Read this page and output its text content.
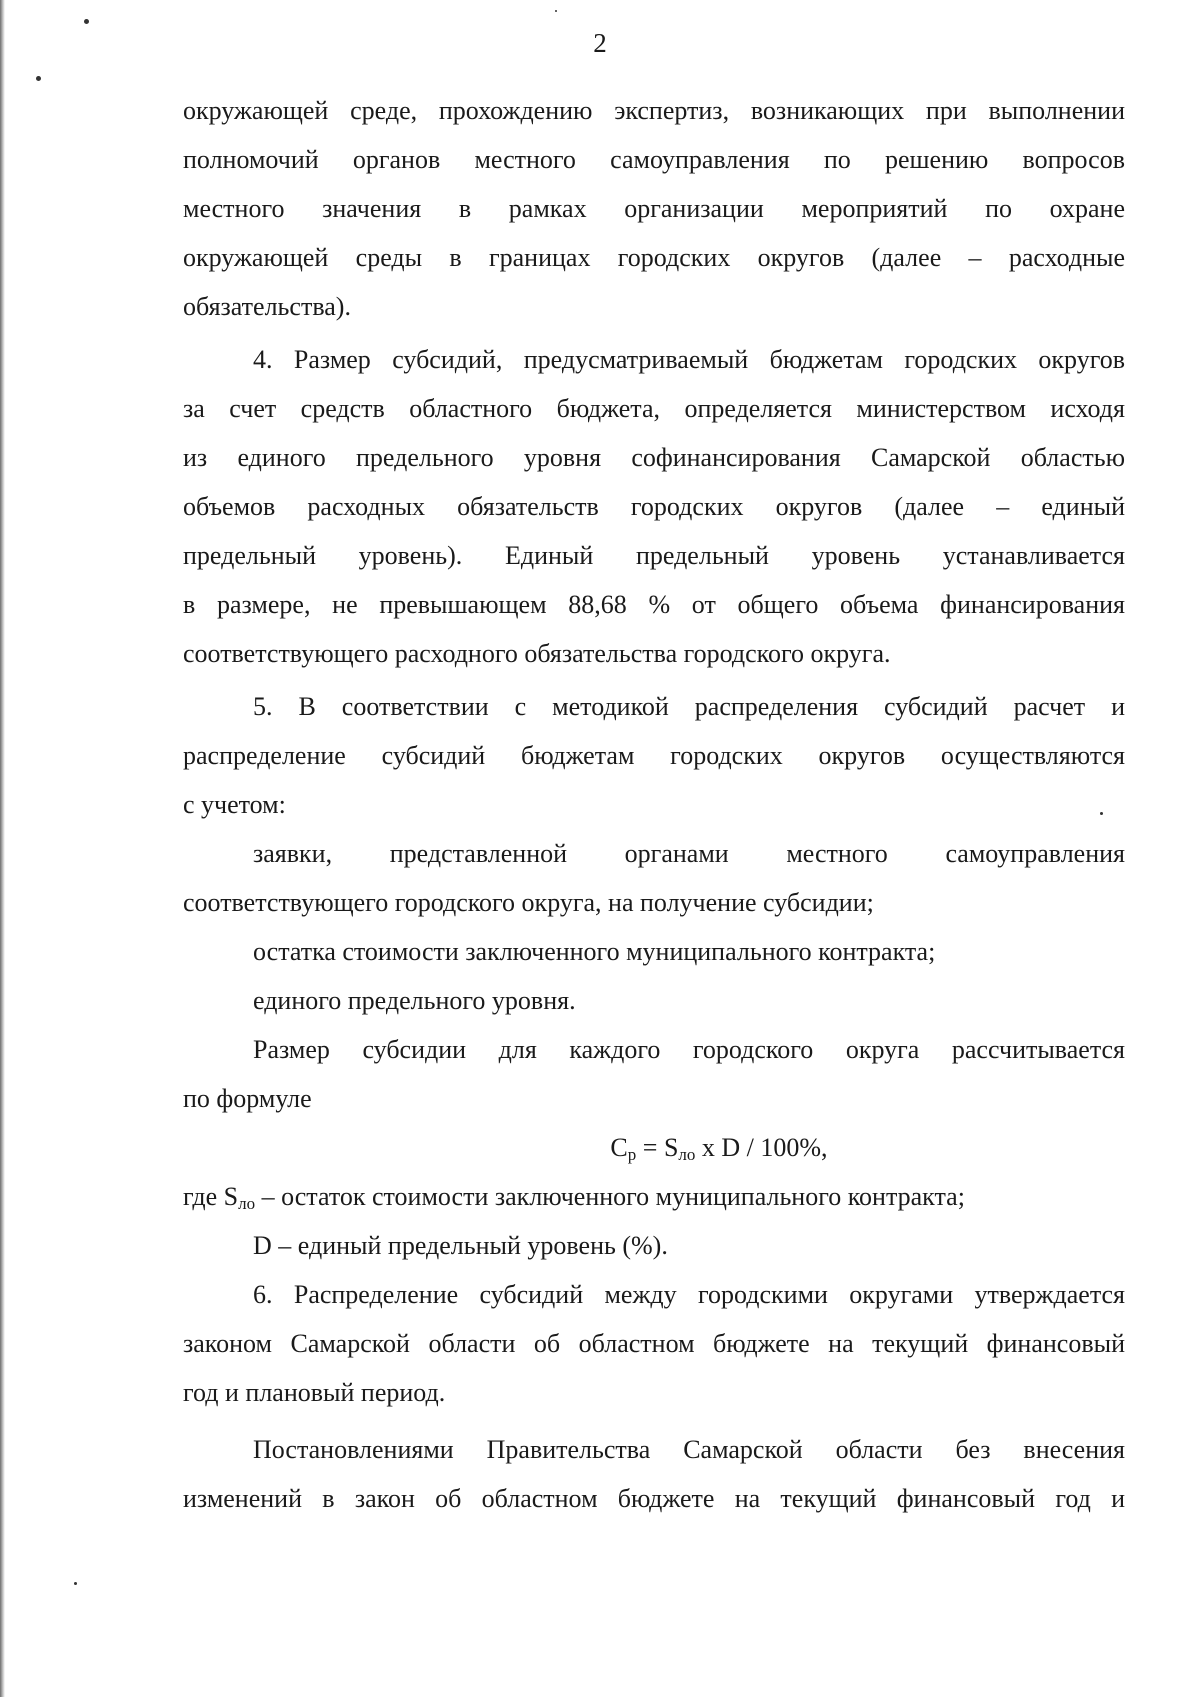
2

окружающей среде, прохождению экспертиз, возникающих при выполнении

полномочий органов местного самоуправления по решению вопросов

местного значения в рамках организации мероприятий по охране

окружающей среды в границах городских округов (далее – расходные

обязательства).

4. Размер субсидий, предусматриваемый бюджетам городских округов

за счет средств областного бюджета, определяется министерством исходя

из единого предельного уровня софинансирования Самарской областью

объемов расходных обязательств городских округов (далее – единый

предельный уровень). Единый предельный уровень устанавливается

в размере, не превышающем 88,68 % от общего объема финансирования

соответствующего расходного обязательства городского округа.

5. В соответствии с методикой распределения субсидий расчет и

распределение субсидий бюджетам городских округов осуществляются

с учетом:

заявки, представленной органами местного самоуправления

соответствующего городского округа, на получение субсидии;

остатка стоимости заключенного муниципального контракта;

единого предельного уровня.

Размер субсидии для каждого городского округа рассчитывается

по формуле

$C_р = S_{ло}$ x D / 100%,

где $S_{ло}$ – остаток стоимости заключенного муниципального контракта;

D – единый предельный уровень (%).

6. Распределение субсидий между городскими округами утверждается

законом Самарской области об областном бюджете на текущий финансовый

год и плановый период.

Постановлениями Правительства Самарской области без внесения

изменений в закон об областном бюджете на текущий финансовый год и
